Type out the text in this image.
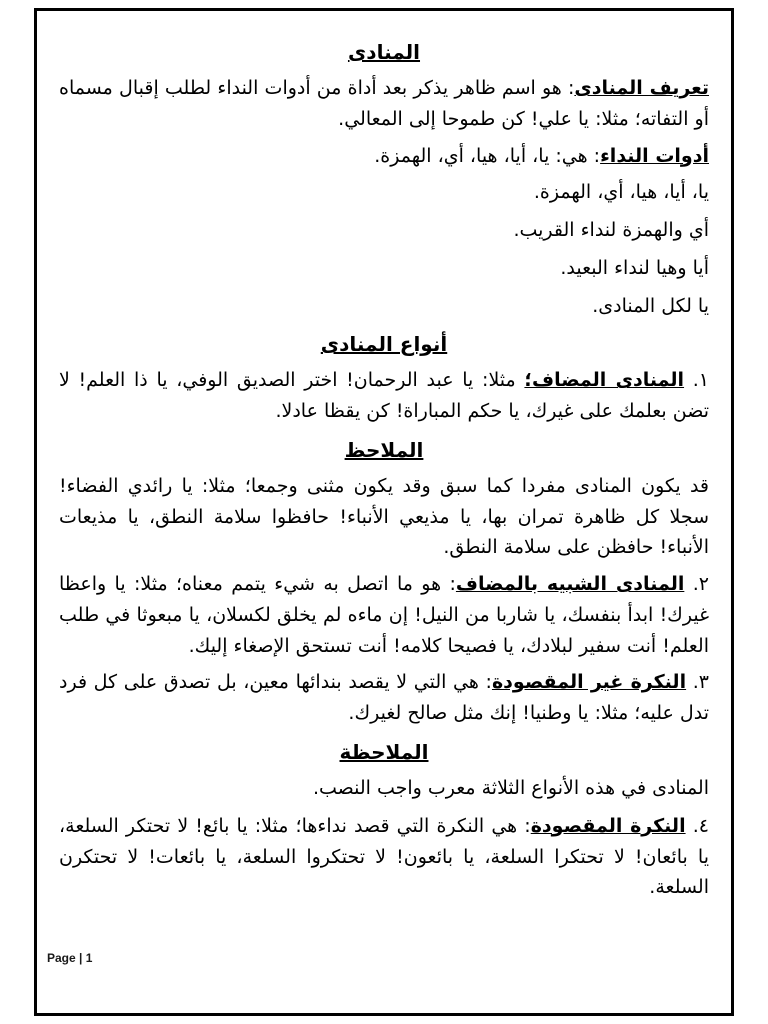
المنادى

تعريف المنادى: هو اسم ظاهر يذكر بعد أداة من أدوات النداء لطلب إقبال مسماه أو التفاته؛ مثلا: يا علي! كن طموحا إلى المعالي.

أدوات النداء: هي: يا، أيا، هيا، أي، الهمزة.

يا، أيا، هيا، أي، الهمزة.

أي والهمزة لنداء القريب.

أيا وهيا لنداء البعيد.

يا لكل المنادى.

أنواع المنادى

١. المنادى المضاف؛ مثلا: يا عبد الرحمان! اختر الصديق الوفي، يا ذا العلم! لا تضن بعلمك على غيرك، يا حكم المباراة! كن يقظا عادلا.

الملاحظ

قد يكون المنادى مفردا كما سبق وقد يكون مثنى وجمعا؛ مثلا: يا رائدي الفضاء! سجلا كل ظاهرة تمران بها، يا مذيعي الأنباء! حافظوا سلامة النطق، يا مذيعات الأنباء! حافظن على سلامة النطق.

٢. المنادى الشبيه بالمضاف: هو ما اتصل به شيء يتمم معناه؛ مثلا: يا واعظا غيرك! ابدأ بنفسك، يا شاربا من النيل! إن ماءه لم يخلق لكسلان، يا مبعوثا في طلب العلم! أنت سفير لبلادك، يا فصيحا كلامه! أنت تستحق الإصغاء إليك.

٣. النكرة غير المقصودة: هي التي لا يقصد بندائها معين، بل تصدق على كل فرد تدل عليه؛ مثلا: يا وطنيا! إنك مثل صالح لغيرك.

الملاحظة

المنادى في هذه الأنواع الثلاثة معرب واجب النصب.

٤. النكرة المقصودة: هي النكرة التي قصد نداءها؛ مثلا: يا بائع! لا تحتكر السلعة، يا بائعان! لا تحتكرا السلعة، يا بائعون! لا تحتكروا السلعة، يا بائعات! لا تحتكرن السلعة.

Page | 1
